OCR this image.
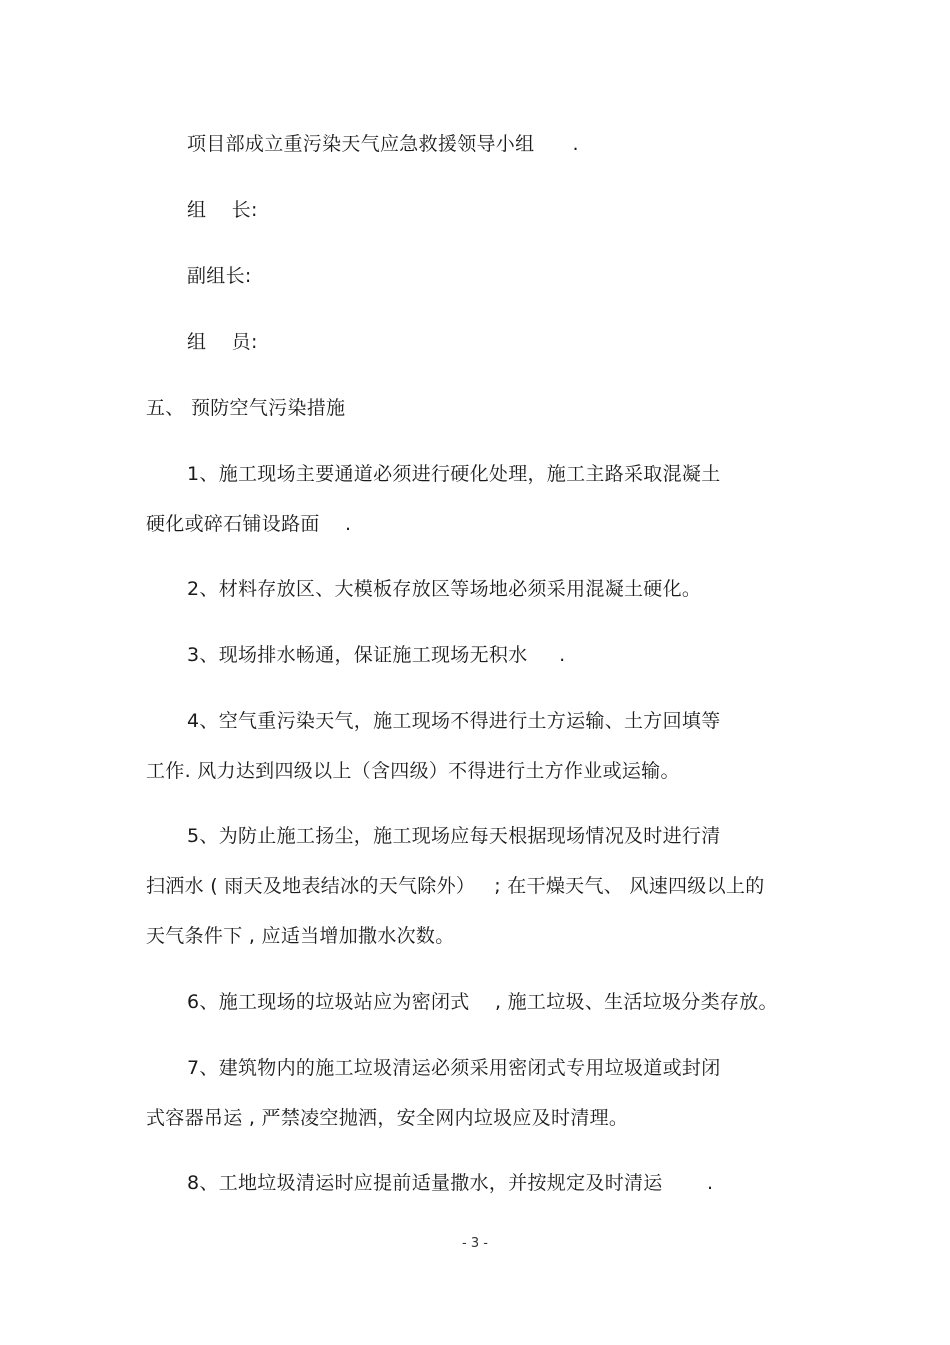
项目部成立重污染天气应急救援领导小组      .
组    长:
副组长:
组    员:
五、 预防空气污染措施
1、施工现场主要通道必须进行硬化处理，施工主路采取混凝土
硬化或碎石铺设路面    .
2、材料存放区、大模板存放区等场地必须采用混凝土硬化。
3、现场排水畅通，保证施工现场无积水     .
4、空气重污染天气，施工现场不得进行土方运输、土方回填等
工作. 风力达到四级以上（含四级）不得进行土方作业或运输。
5、为防止施工扬尘，施工现场应每天根据现场情况及时进行清
扫洒水 ( 雨天及地表结冰的天气除外）   ; 在干燥天气、 风速四级以上的
天气条件下 , 应适当增加撒水次数。
6、施工现场的垃圾站应为密闭式    , 施工垃圾、生活垃圾分类存放。
7、建筑物内的施工垃圾清运必须采用密闭式专用垃圾道或封闭
式容器吊运 , 严禁凌空抛洒，安全网内垃圾应及时清理。
8、工地垃圾清运时应提前适量撒水，并按规定及时清运       .
- 3 -
